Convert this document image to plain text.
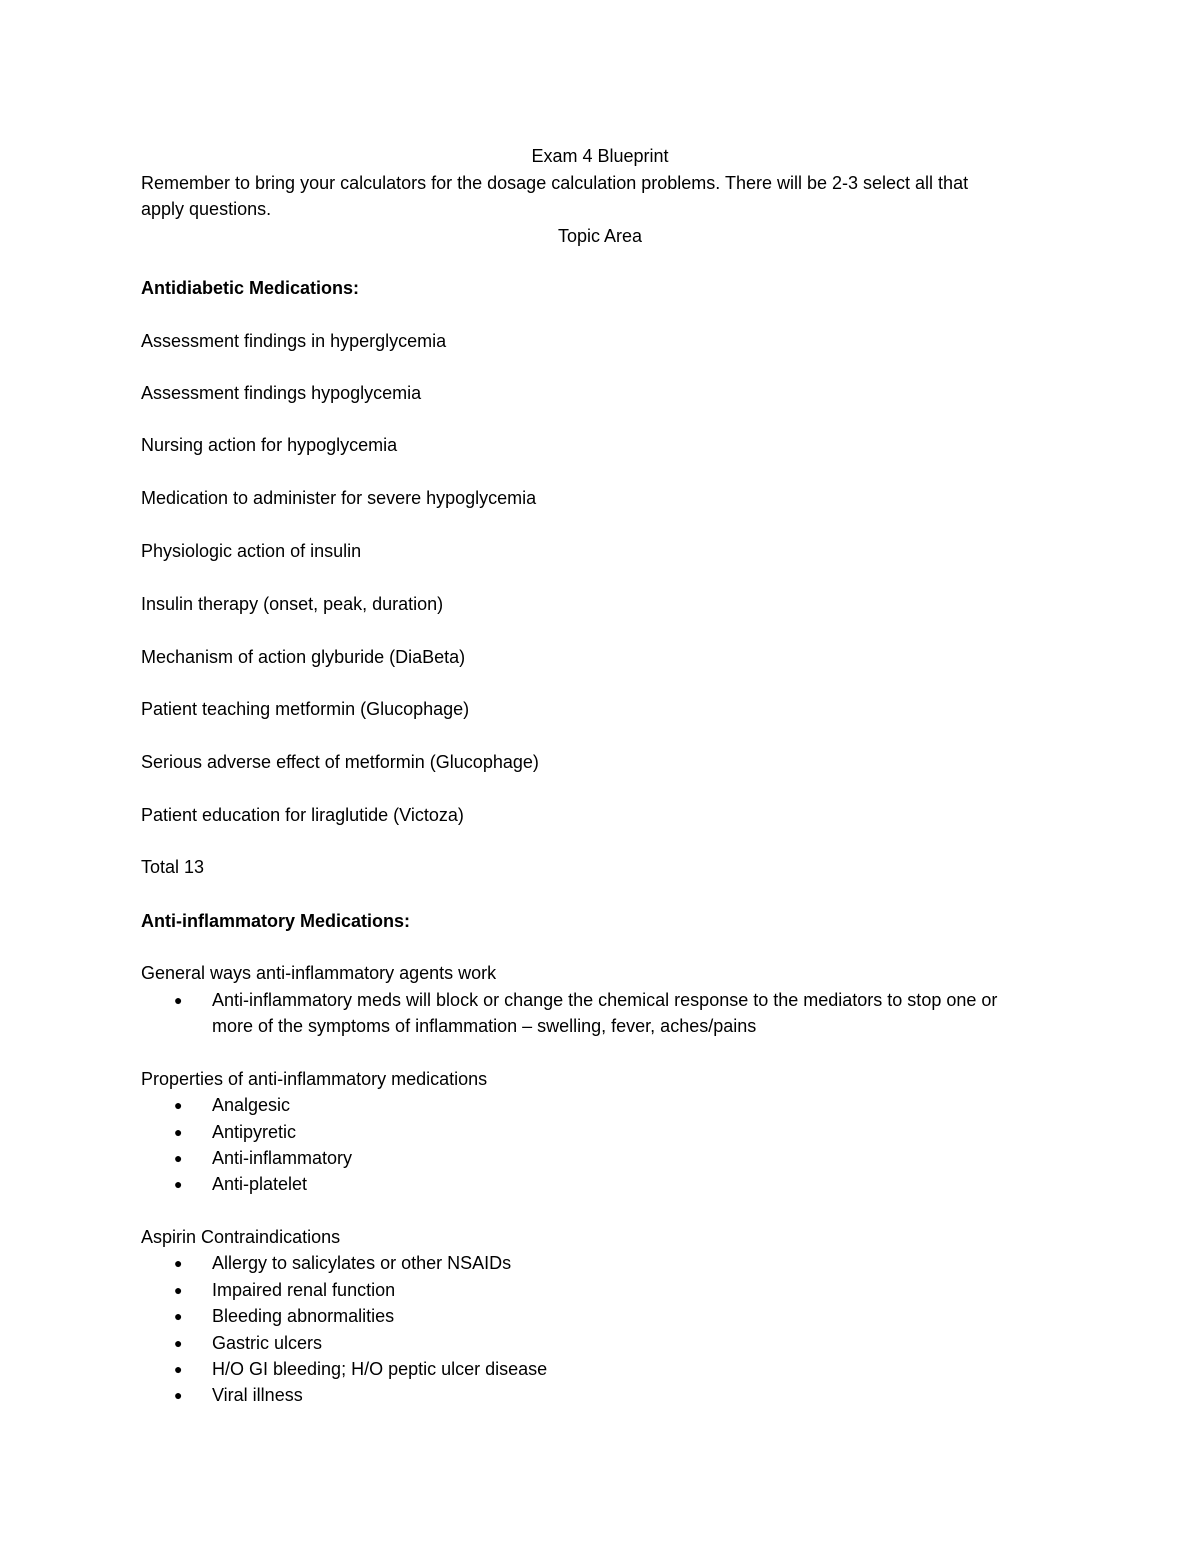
Exam 4 Blueprint
Remember to bring your calculators for the dosage calculation problems. There will be 2-3 select all that
apply questions.
Topic Area
Antidiabetic Medications:
Assessment findings in hyperglycemia
Assessment findings hypoglycemia
Nursing action for hypoglycemia
Medication to administer for severe hypoglycemia
Physiologic action of insulin
Insulin therapy (onset, peak, duration)
Mechanism of action glyburide (DiaBeta)
Patient teaching metformin (Glucophage)
Serious adverse effect of metformin (Glucophage)
Patient education for liraglutide (Victoza)
Total 13
Anti-inflammatory Medications:
General ways anti-inflammatory agents work
●	Anti-inflammatory meds will block or change the chemical response to the mediators to stop one or more of the symptoms of inflammation – swelling, fever, aches/pains
Properties of anti-inflammatory medications
●	Analgesic
●	Antipyretic
●	Anti-inflammatory
●	Anti-platelet
Aspirin Contraindications
●	Allergy to salicylates or other NSAIDs
●	Impaired renal function
●	Bleeding abnormalities
●	Gastric ulcers
●	H/O GI bleeding; H/O peptic ulcer disease
●	Viral illness
